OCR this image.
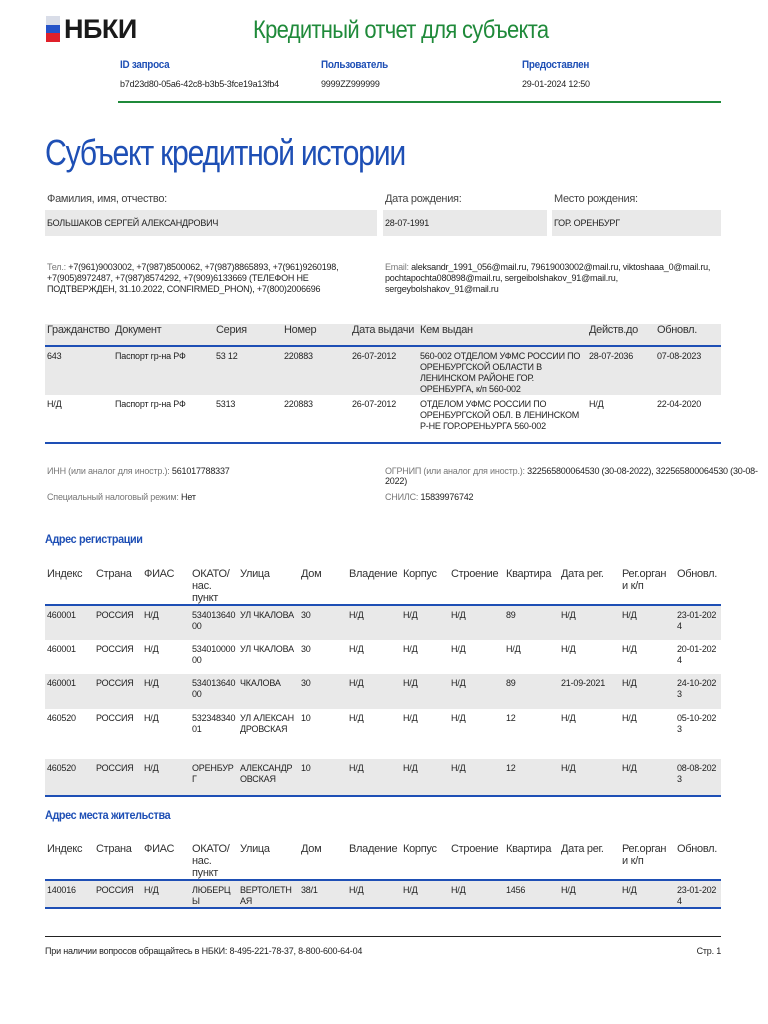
НБКИ	Кредитный отчет для субъекта
ID запроса
b7d23d80-05a6-42c8-b3b5-3fce19a13fb4
Пользователь
9999ZZ999999
Предоставлен
29-01-2024 12:50
Субъект кредитной истории
Фамилия, имя, отчество:	Дата рождения:	Место рождения:
БОЛЬШАКОВ СЕРГЕЙ АЛЕКСАНДРОВИЧ	28-07-1991	ГОР. ОРЕНБУРГ
Тел.: +7(961)9003002, +7(987)8500062, +7(987)8865893, +7(961)9260198, +7(905)8972487, +7(987)8574292, +7(909)6133669 (ТЕЛЕФОН НЕ ПОДТВЕРЖДЕН, 31.10.2022, CONFIRMED_PHON), +7(800)2006696
Email: aleksandr_1991_056@mail.ru, 79619003002@mail.ru, viktoshaaa_0@mail.ru, pochtapochta080898@mail.ru, sergeibolshakov_91@mail.ru, sergeybolshakov_91@mail.ru
Гражданство	Документ	Серия	Номер	Дата выдачи	Кем выдан	Действ.до	Обновл.
643	Паспорт гр-на РФ	53 12	220883	26-07-2012	560-002 ОТДЕЛОМ УФМС РОССИИ ПО ОРЕНБУРГСКОЙ ОБЛАСТИ В ЛЕНИНСКОМ РАЙОНЕ ГОР. ОРЕНБУРГА, к/п 560-002	28-07-2036	07-08-2023
Н/Д	Паспорт гр-на РФ	5313	220883	26-07-2012	ОТДЕЛОМ УФМС РОССИИ ПО ОРЕНБУРГСКОЙ ОБЛ. В ЛЕНИНСКОМ Р-НЕ ГОР.ОРЕНЬУРГА 560-002	Н/Д	22-04-2020
ИНН (или аналог для иностр.): 561017788337	ОГРНИП (или аналог для иностр.): 322565800064530 (30-08-2022), 322565800064530 (30-08-2022)
Специальный налоговый режим: Нет	СНИЛС: 15839976742
Адрес регистрации
Индекс	Страна	ФИАС	ОКАТО/нас. пункт	Улица	Дом	Владение	Корпус	Строение	Квартира	Дата рег.	Рег.орган и к/п	Обновл.
460001	РОССИЯ	Н/Д	53401364000	УЛ ЧКАЛОВА	30	Н/Д	Н/Д	Н/Д	89	Н/Д	Н/Д	23-01-2024
460001	РОССИЯ	Н/Д	53401000000	УЛ ЧКАЛОВА	30	Н/Д	Н/Д	Н/Д	Н/Д	Н/Д	Н/Д	20-01-2024
460001	РОССИЯ	Н/Д	53401364000	ЧКАЛОВА	30	Н/Д	Н/Д	Н/Д	89	21-09-2021	Н/Д	24-10-2023
460520	РОССИЯ	Н/Д	53234834001	УЛ АЛЕКСАНДРОВСКАЯ	10	Н/Д	Н/Д	Н/Д	12	Н/Д	Н/Д	05-10-2023
460520	РОССИЯ	Н/Д	ОРЕНБУРГ	АЛЕКСАНДРОВСКАЯ	10	Н/Д	Н/Д	Н/Д	12	Н/Д	Н/Д	08-08-2023
Адрес места жительства
Индекс	Страна	ФИАС	ОКАТО/нас. пункт	Улица	Дом	Владение	Корпус	Строение	Квартира	Дата рег.	Рег.орган и к/п	Обновл.
140016	РОССИЯ	Н/Д	ЛЮБЕРЦЫ	ВЕРТОЛЕТНАЯ	38/1	Н/Д	Н/Д	Н/Д	1456	Н/Д	Н/Д	23-01-2024
При наличии вопросов обращайтесь в НБКИ: 8-495-221-78-37, 8-800-600-64-04	Стр. 1
